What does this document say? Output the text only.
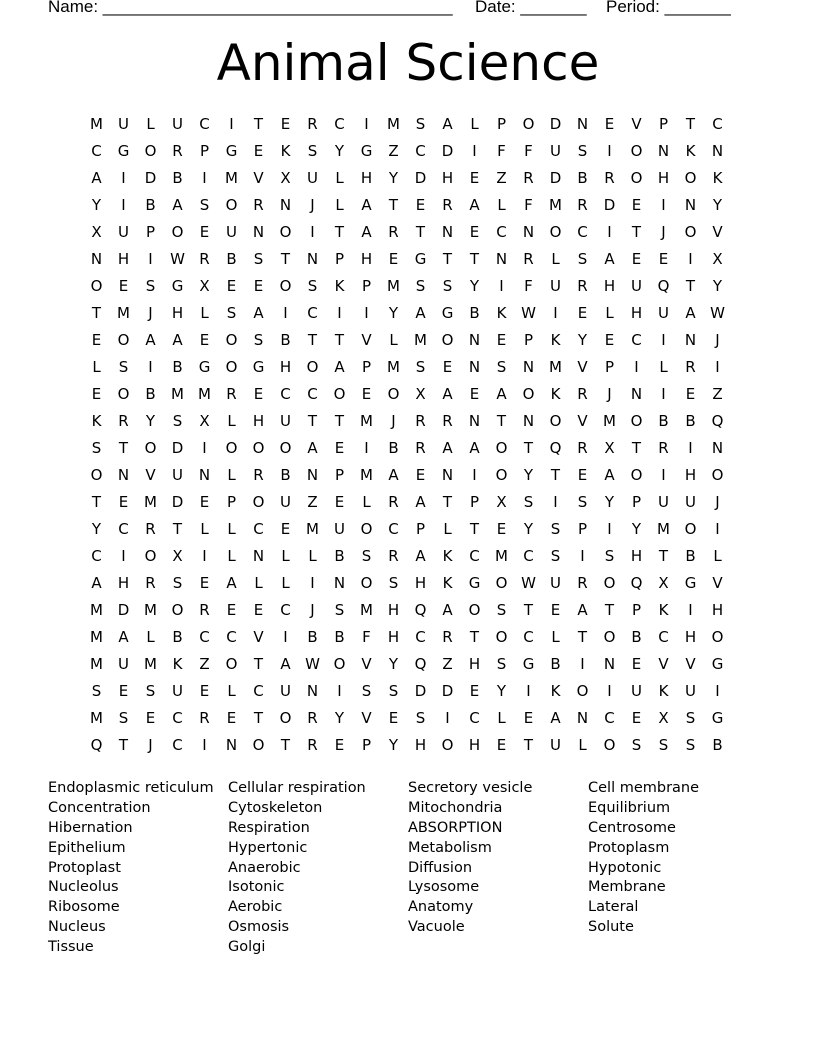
Name: _____________________________________

Date: _______

Period: _______

Animal Science
M	U	L	U	C	I	T	E	R	C	I	M	S	A	L	P	O	D	N	E	V	P	T	C
C	G	O	R	P	G	E	K	S	Y	G	Z	C	D	I	F	F	U	S	I	O	N	K	N
A	I	D	B	I	M	V	X	U	L	H	Y	D	H	E	Z	R	D	B	R	O	H	O	K
Y	I	B	A	S	O	R	N	J	L	A	T	E	R	A	L	F	M	R	D	E	I	N	Y
X	U	P	O	E	U	N	O	I	T	A	R	T	N	E	C	N	O	C	I	T	J	O	V
N	H	I	W R	B	S	T	N	P	H	E	G	T	T	N	R	L	S	A	E	E	I	X
O	E	S	G	X	E	E	O	S	K	P	M	S	S	Y	I	F	U	R	H	U	Q	T	Y
T	M	J	H	L	S	A	I	C	I	I	Y	A	G	B	K W	I	E	L	H	U	A W
E	O	A	A	E	O	S	B	T	T	V	L	M O	N	E	P	K	Y	E	C	I	N	J
L	S	I	B	G	O	G	H	O	A	P	M	S	E	N	S	N M	V	P	I	L	R	I
E	O	B	M M	R	E	C	C	O	E	O	X	A	E	A	O	K	R	J	N	I	E	Z
K	R	Y	S	X	L	H	U	T	T	M	J	R	R	N	T	N	O	V	M O	B	B	Q
S	T	O	D	I	O	O	O	A	E	I	B	R	A	A	O	T	Q	R	X	T	R	I	N
O	N	V	U	N	L	R	B	N	P	M	A	E	N	I	O	Y	T	E	A	O	I	H	O
T	E	M D	E	P	O	U	Z	E	L	R	A	T	P	X	S	I	S	Y	P	U	U	J
Y	C	R	T	L	L	C	E	M	U	O	C	P	L	T	E	Y	S	P	I	Y	M O	I
C	I	O	X	I	L	N	L	L	B	S	R	A	K	C	M	C	S	I	S	H	T	B	L
A	H	R	S	E	A	L	L	I	N	O	S	H	K	G	O W U	R	O	Q	X	G	V
M D M O	R	E	E	C	J	S	M H	Q	A	O	S	T	E	A	T	P	K	I	H
M	A	L	B	C	C	V	I	B	B	F	H	C	R	T	O	C	L	T	O	B	C	H	O
M	U	M	K	Z	O	T	A W O	V	Y	Q	Z	H	S	G	B	I	N	E	V	V	G
S	E	S	U	E	L	C	U	N	I	S	S	D	D	E	Y	I	K	O	I	U	K	U	I
M	S	E	C	R	E	T	O	R	Y	V	E	S	I	C	L	E	A	N	C	E	X	S	G
Q	T	J	C	I	N	O	T	R	E	P	Y	H	O	H	E	T	U	L	O	S	S	S	B
Endoplasmic reticulum
Concentration
Hibernation
Epithelium
Protoplast
Nucleolus
Ribosome
Nucleus
Tissue
Cellular respiration
Cytoskeleton
Respiration
Hypertonic
Anaerobic
Isotonic
Aerobic
Osmosis
Golgi
Secretory vesicle
Mitochondria
ABSORPTION
Metabolism
Diffusion
Lysosome
Anatomy
Vacuole
Cell membrane
Equilibrium
Centrosome
Protoplasm
Hypotonic
Membrane
Lateral
Solute
